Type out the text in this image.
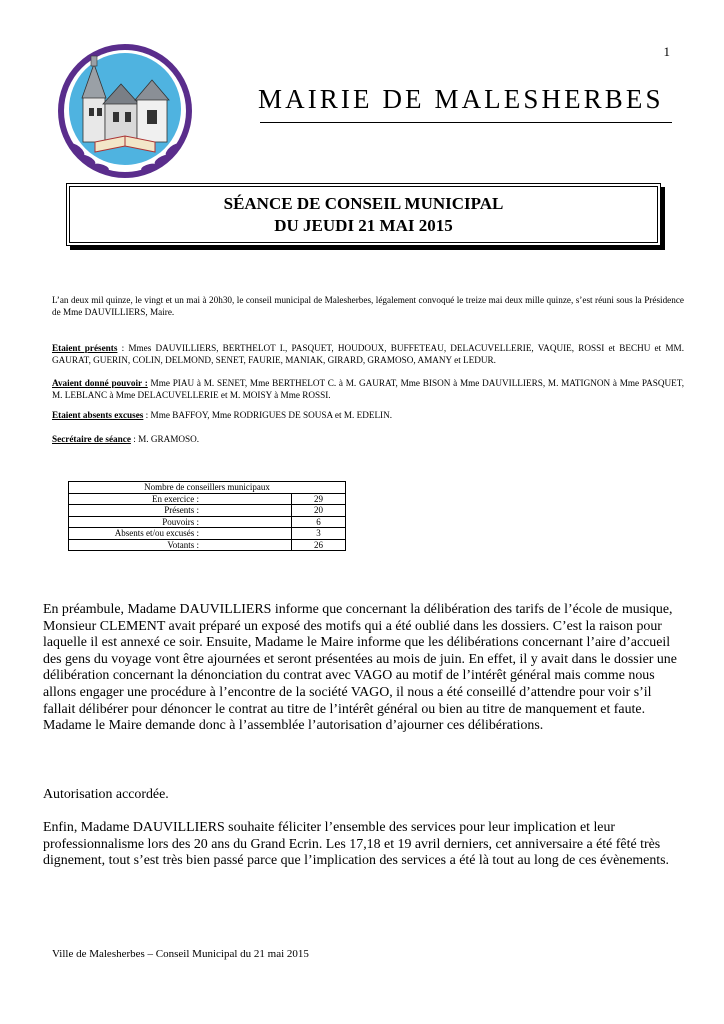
1
MAIRIE DE MALESHERBES
SÉANCE DE CONSEIL MUNICIPAL
DU JEUDI 21 MAI 2015
L’an deux mil quinze, le vingt et un mai à 20h30, le conseil municipal de Malesherbes, légalement convoqué le treize mai deux mille quinze, s’est réuni sous la Présidence de Mme DAUVILLIERS, Maire.
Etaient présents : Mmes DAUVILLIERS, BERTHELOT I., PASQUET, HOUDOUX, BUFFETEAU, DELACUVELLERIE, VAQUIE, ROSSI et BECHU et MM. GAURAT, GUERIN, COLIN, DELMOND, SENET, FAURIE, MANIAK, GIRARD, GRAMOSO, AMANY et LEDUR.
Avaient donné pouvoir : Mme PIAU à M. SENET, Mme BERTHELOT C. à M. GAURAT, Mme BISON à Mme DAUVILLIERS, M. MATIGNON à Mme PASQUET, M. LEBLANC à Mme DELACUVELLERIE et M. MOISY à Mme ROSSI.
Etaient absents excuses : Mme BAFFOY, Mme RODRIGUES DE SOUSA et M. EDELIN.
Secrétaire de séance : M. GRAMOSO.
Nombre de conseillers municipaux	
En exercice :	29
Présents :	20
Pouvoirs :	6
Absents et/ou excusés :	3
Votants :	26
En préambule, Madame DAUVILLIERS informe que concernant la délibération des tarifs de l’école de musique, Monsieur CLEMENT avait préparé un exposé des motifs qui a été oublié dans les dossiers. C’est la raison pour laquelle il est annexé ce soir. Ensuite, Madame le Maire informe que les délibérations concernant l’aire d’accueil des gens du voyage vont être ajournées et seront présentées au mois de juin. En effet, il y avait dans le dossier une délibération concernant la dénonciation du contrat avec VAGO au motif de l’intérêt général mais comme nous allons engager une procédure à l’encontre de la société VAGO, il nous a été conseillé d’attendre pour voir s’il fallait délibérer pour dénoncer le contrat au titre de l’intérêt général ou bien au titre de manquement et faute. Madame le Maire demande donc à l’assemblée l’autorisation d’ajourner ces délibérations.
Autorisation accordée.
Enfin, Madame DAUVILLIERS souhaite féliciter l’ensemble des services pour leur implication et leur professionnalisme lors des 20 ans du Grand Ecrin. Les 17,18 et 19 avril derniers, cet anniversaire a été fêté très dignement, tout s’est très bien passé parce que l’implication des services a été là tout au long de ces évènements.
Ville de Malesherbes – Conseil Municipal du 21 mai 2015
